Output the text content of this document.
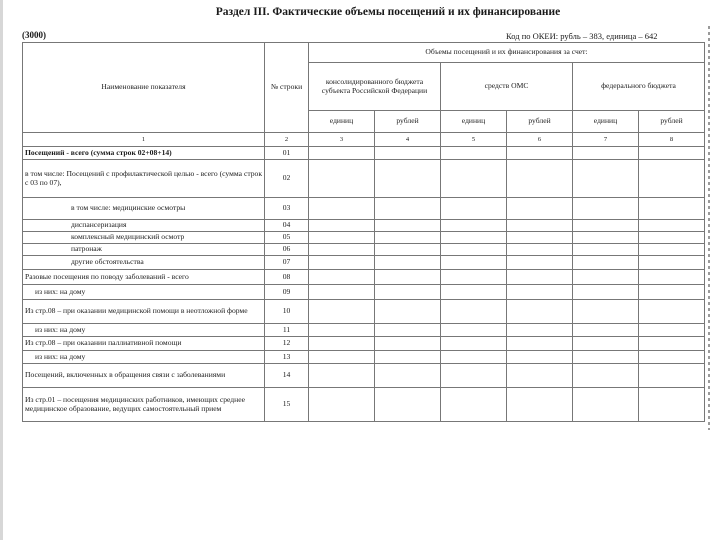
Раздел III. Фактические объемы посещений и их финансирование
(3000)	Код по ОКЕИ: рубль – 383, единица – 642
Наименование показателя	№ строки	Объемы посещений и их финансирования за счет:					
		консолидированного бюджета субъекта Российской Федерации		средств ОМС		федерального бюджета	
		единиц	рублей	единиц	рублей	единиц	рублей
1	2	3	4	5	6	7	8
Посещений - всего (сумма строк 02+08+14)	01						
в том числе: Посещений с профилактической целью - всего (сумма строк с 03 по 07),	02						
в том числе: медицинские осмотры	03						
диспансеризация	04						
комплексный медицинский осмотр	05						
патронаж	06						
другие обстоятельства	07						
Разовые посещения по поводу заболеваний - всего	08						
из них: на дому	09						
Из стр.08 – при оказании медицинской помощи в неотложной форме	10						
из них: на дому	11						
Из стр.08 – при оказании паллиативной помощи	12						
из них: на дому	13						
Посещений, включенных в обращения связи с заболеваниями	14						
Из стр.01 – посещения медицинских работников, имеющих среднее медицинское образование, ведущих самостоятельный прием	15						
